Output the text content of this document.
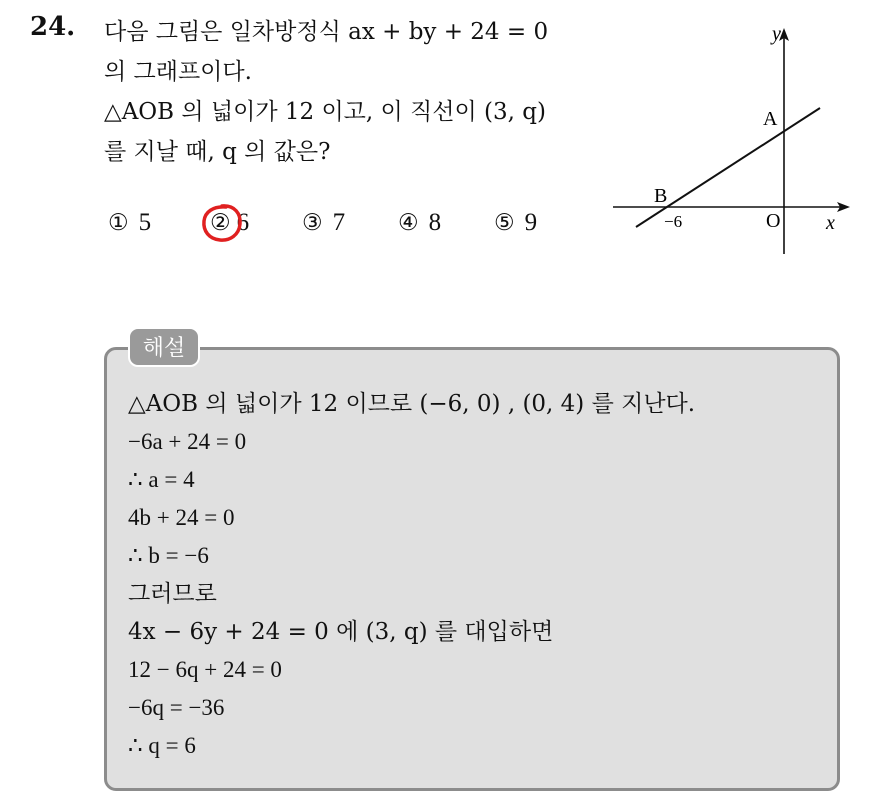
24. 다음 그림은 일차방정식 ax + by + 24 = 0
의 그래프이다.
△AOB 의 넓이가 12 이고, 이 직선이 (3, q)
를 지날 때, q 의 값은?
① 5	② 6 ③ 7 ④ 8 ⑤ 9
y
x
A
B
O
−6
해설
△AOB 의 넓이가 12 이므로 (−6, 0) , (0, 4) 를 지난다.
−6a + 24 = 0
∴ a = 4
4b + 24 = 0
∴ b = −6
그러므로
4x − 6y + 24 = 0 에 (3, q) 를 대입하면
12 − 6q + 24 = 0
−6q = −36
∴ q = 6
